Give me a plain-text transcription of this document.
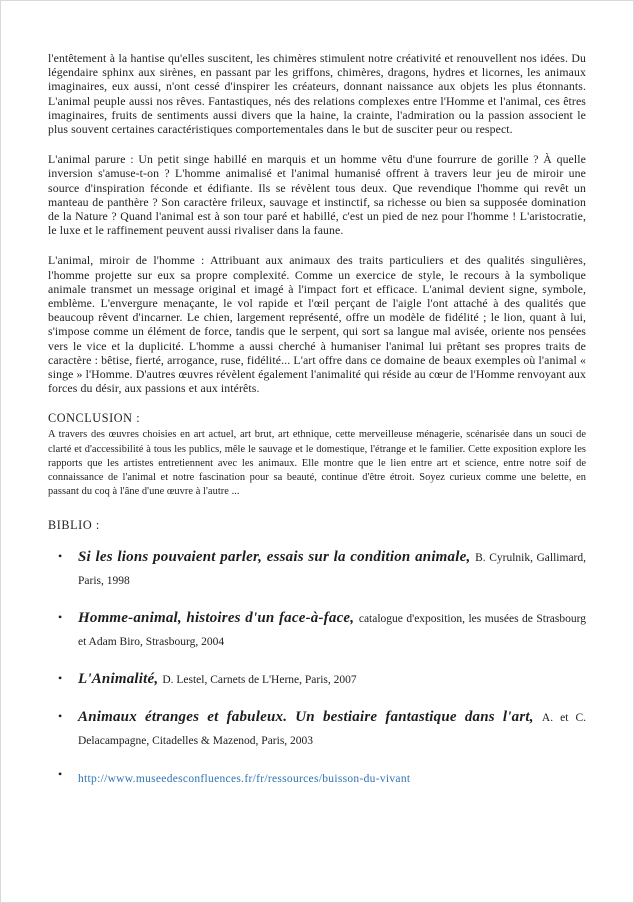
l'entêtement à la hantise qu'elles suscitent, les chimères stimulent notre créativité et renouvellent nos idées. Du légendaire sphinx aux sirènes, en passant par les griffons, chimères, dragons, hydres et licornes, les animaux imaginaires, eux aussi, n'ont cessé d'inspirer les créateurs, donnant naissance aux objets les plus étonnants. L'animal peuple aussi nos rêves. Fantastiques, nés des relations complexes entre l'Homme et l'animal, ces êtres imaginaires, fruits de sentiments aussi divers que la haine, la crainte, l'admiration ou la passion associent le plus souvent certaines caractéristiques comportementales dans le but de susciter peur ou respect.

L'animal parure : Un petit singe habillé en marquis et un homme vêtu d'une fourrure de gorille ? À quelle inversion s'amuse-t-on ? L'homme animalisé et l'animal humanisé offrent à travers leur jeu de miroir une source d'inspiration féconde et édifiante. Ils se révèlent tous deux. Que revendique l'homme qui revêt un manteau de panthère ? Son caractère frileux, sauvage et instinctif, sa richesse ou bien sa supposée domination de la Nature ? Quand l'animal est à son tour paré et habillé, c'est un pied de nez pour l'homme ! L'aristocratie, le luxe et le raffinement peuvent aussi rivaliser dans la faune.

L'animal, miroir de l'homme : Attribuant aux animaux des traits particuliers et des qualités singulières, l'homme projette sur eux sa propre complexité. Comme un exercice de style, le recours à la symbolique animale transmet un message original et imagé à l'impact fort et efficace. L'animal devient signe, symbole, emblème. L'envergure menaçante, le vol rapide et l'œil perçant de l'aigle l'ont attaché à des qualités que beaucoup rêvent d'incarner. Le chien, largement représenté, offre un modèle de fidélité ; le lion, quant à lui, s'impose comme un élément de force, tandis que le serpent, qui sort sa langue mal avisée, oriente nos pensées vers le vice et la duplicité. L'homme a aussi cherché à humaniser l'animal lui prêtant ses propres traits de caractère : bêtise, fierté, arrogance, ruse, fidélité... L'art offre dans ce domaine de beaux exemples où l'animal « singe » l'Homme. D'autres œuvres révèlent également l'animalité qui réside au cœur de l'Homme renvoyant aux forces du désir, aux passions et aux intérêts.

CONCLUSION :

A travers des œuvres choisies en art actuel, art brut, art ethnique, cette merveilleuse ménagerie, scénarisée dans un souci de clarté et d'accessibilité à tous les publics, mêle le sauvage et le domestique, l'étrange et le familier. Cette exposition explore les rapports que les artistes entretiennent avec les animaux. Elle montre que le lien entre art et science, entre notre soif de connaissance de l'animal et notre fascination pour sa beauté, continue d'être étroit. Soyez curieux comme une belette, en passant du coq à l'âne d'une œuvre à l'autre ...

BIBLIO :
•	Si les lions pouvaient parler, essais sur la condition animale, B. Cyrulnik, Gallimard, Paris, 1998
•	Homme-animal, histoires d'un face-à-face, catalogue d'exposition, les musées de Strasbourg et Adam Biro, Strasbourg, 2004
•	L'Animalité, D. Lestel, Carnets de L'Herne, Paris, 2007
•	Animaux étranges et fabuleux. Un bestiaire fantastique dans l'art, A. et C. Delacampagne, Citadelles & Mazenod, Paris, 2003
•	http://www.museedesconfluences.fr/fr/ressources/buisson-du-vivant
